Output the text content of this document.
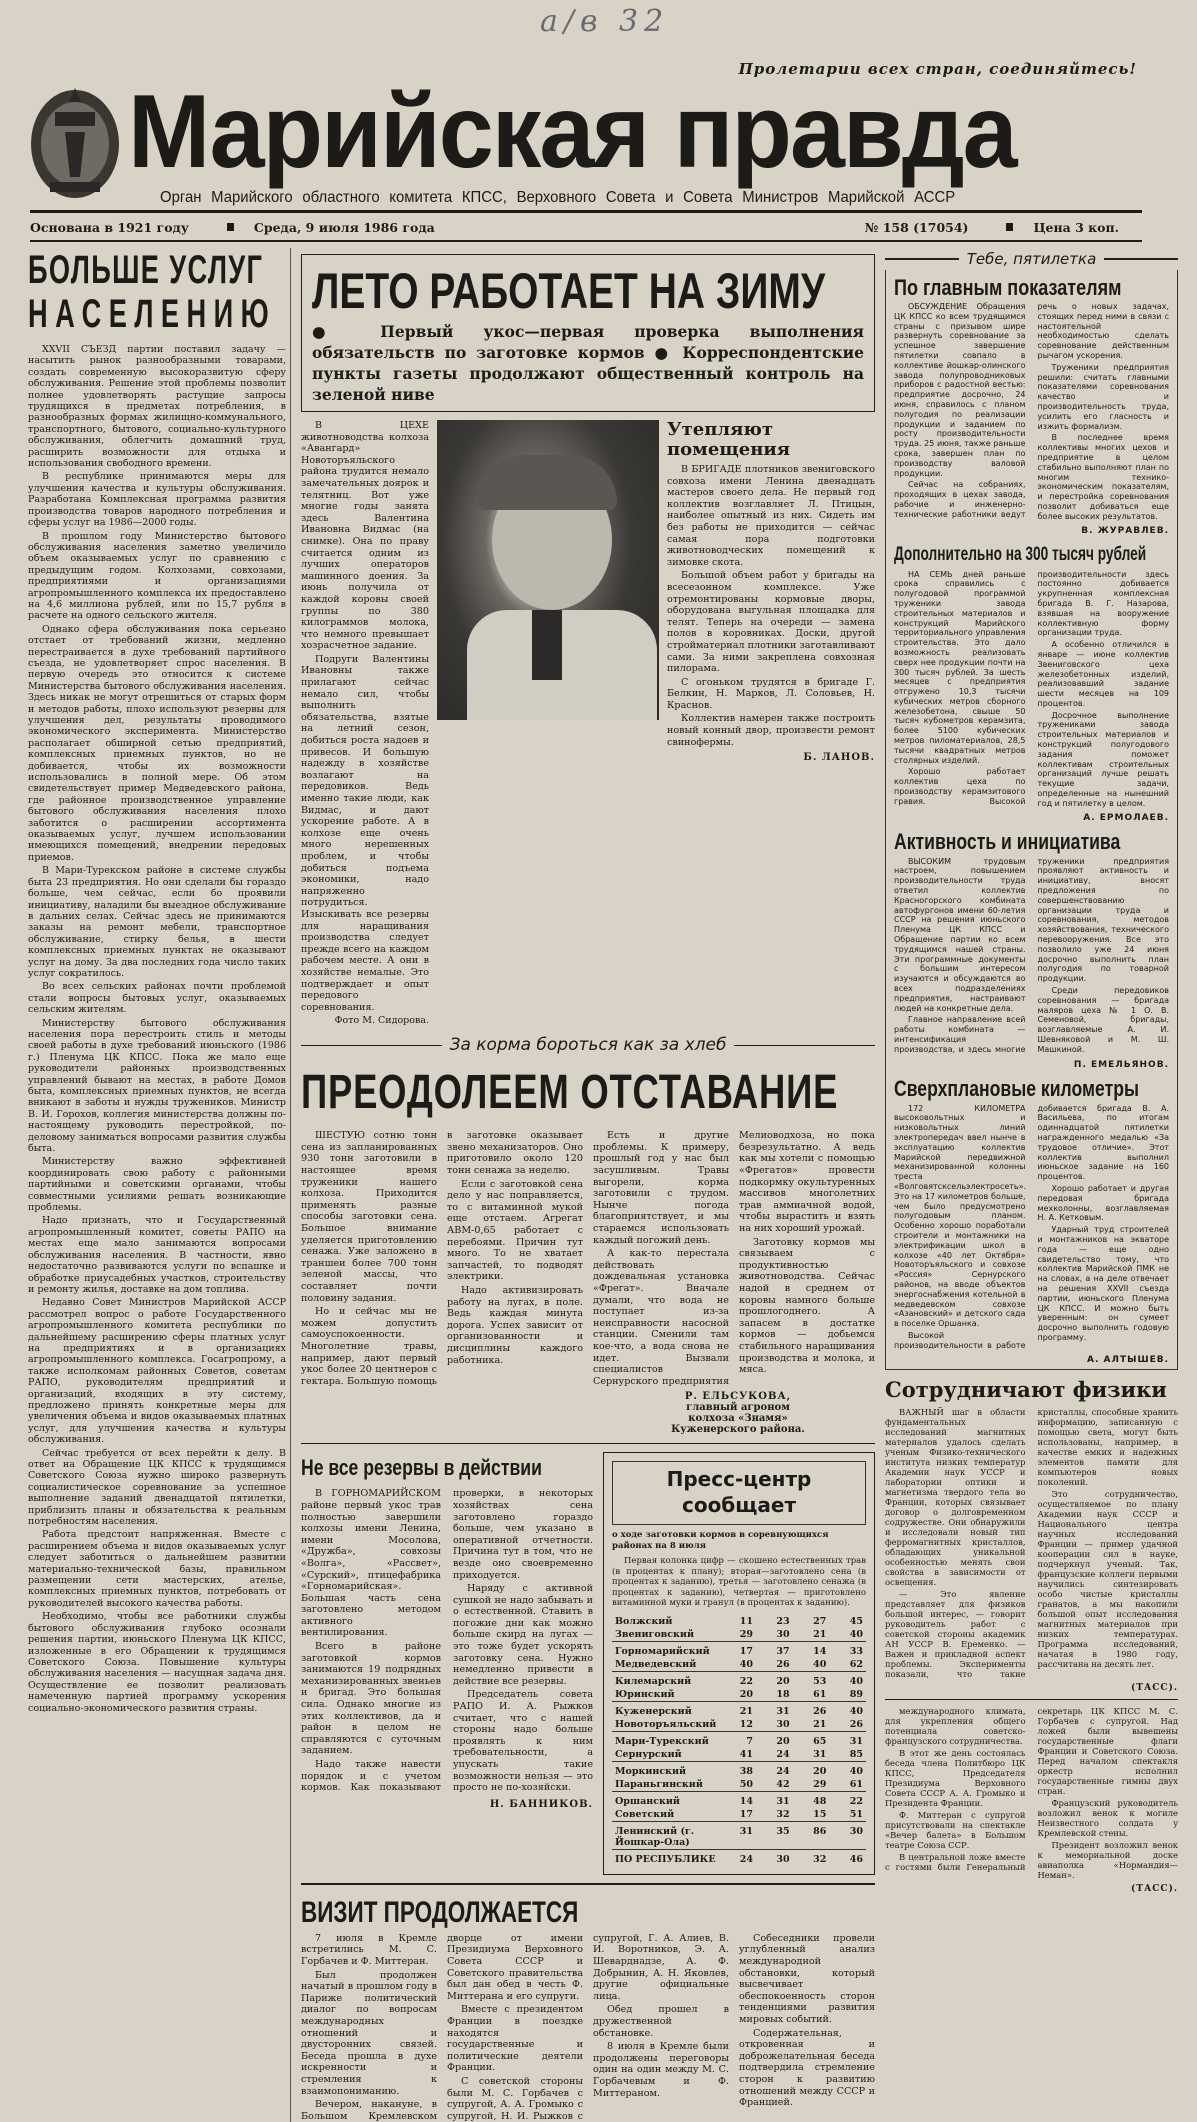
а/в 32
Пролетарии всех стран, соединяйтесь!
Марийская правда
Орган Марийского областного комитета КПСС, Верховного Совета и Совета Министров Марийской АССР
Основана в 1921 году	Среда, 9 июля 1986 года	№ 158 (17054)	Цена 3 коп.
БОЛЬШЕ УСЛУГ
НАСЕЛЕНИЮ

XXVII СЪЕЗД партии поставил задачу — насытить рынок разнообразными товарами, создать современную высокоразвитую сферу обслуживания. Решение этой проблемы позволит полнее удовлетворять растущие запросы трудящихся в предметах потребления, в разнообразных формах жилищно-коммунального, транспортного, бытового, социально-культурного обслуживания, облегчить домашний труд, расширить возможности для отдыха и использования свободного времени.

В республике принимаются меры для улучшения качества и культуры обслуживания. Разработана Комплексная программа развития производства товаров народного потребления и сферы услуг на 1986—2000 годы.

В прошлом году Министерство бытового обслуживания населения заметно увеличило объем оказываемых услуг по сравнению с предыдущим годом. Колхозами, совхозами, предприятиями и организациями агропромышленного комплекса их предоставлено на 4,6 миллиона рублей, или по 15,7 рубля в расчете на одного сельского жителя.

Однако сфера обслуживания пока серьезно отстает от требований жизни, медленно перестраивается в духе требований партийного съезда, не удовлетворяет спрос населения. В первую очередь это относится к системе Министерства бытового обслуживания населения. Здесь никак не могут отрешиться от старых форм и методов работы, плохо используют резервы для улучшения дел, результаты проводимого экономического эксперимента. Министерство располагает обширной сетью предприятий, комплексных приемных пунктов, но не добивается, чтобы их возможности использовались в полной мере. Об этом свидетельствует пример Медведевского района, где районное производственное управление бытового обслуживания населения плохо заботится о расширении ассортимента оказываемых услуг, лучшем использовании имеющихся помещений, внедрении передовых приемов.

В Мари-Турекском районе в системе службы быта 23 предприятия. Но они сделали бы гораздо больше, чем сейчас, если бо проявили инициативу, наладили бы выездное обслуживание в дальних селах. Сейчас здесь не принимаются заказы на ремонт мебели, транспортное обслуживание, стирку белья, в шести комплексных приемных пунктах не оказывают услуг на дому. За два последних года число таких услуг сократилось.

Во всех сельских районах почти проблемой стали вопросы бытовых услуг, оказываемых сельским жителям.

Министерству бытового обслуживания населения пора перестроить стиль и методы своей работы в духе требований июньского (1986 г.) Пленума ЦК КПСС. Пока же мало еще руководители районных производственных управлений бывают на местах, в работе Домов быта, комплексных приемных пунктов, не всегда вникают в заботы и нужды тружеников. Министр В. И. Горохов, коллегия министерства должны по-настоящему руководить перестройкой, по-деловому заниматься вопросами развития службы быта.

Министерству важно эффективней координировать свою работу с районными партийными и советскими органами, чтобы совместными усилиями решать возникающие проблемы.

Надо признать, что и Государственный агропромышленный комитет, советы РАПО на местах еще мало занимаются вопросами обслуживания населения. В частности, явно недостаточно развиваются услуги по вспашке и обработке приусадебных участков, строительству и ремонту жилья, доставке на дом топлива.

Недавно Совет Министров Марийской АССР рассмотрел вопрос о работе Государственного агропромышленного комитета республики по дальнейшему расширению сферы платных услуг на предприятиях и в организациях агропромышленного комплекса. Госагропрому, а также исполкомам районных Советов, советам РАПО, руководителям предприятий и организаций, входящих в эту систему, предложено принять конкретные меры для увеличения объема и видов оказываемых платных услуг, для улучшения качества и культуры обслуживания.

Сейчас требуется от всех перейти к делу. В ответ на Обращение ЦК КПСС к трудящимся Советского Союза нужно широко развернуть социалистическое соревнование за успешное выполнение заданий двенадцатой пятилетки, приблизить планы и обязательства к реальным потребностям населения.

Работа предстоит напряженная. Вместе с расширением объема и видов оказываемых услуг следует заботиться о дальнейшем развитии материально-технической базы, правильном размещении сети мастерских, ателье, комплексных приемных пунктов, потребовать от руководителей высокого качества работы.

Необходимо, чтобы все работники службы бытового обслуживания глубоко осознали решения партии, июньского Пленума ЦК КПСС, изложенные в его Обращении к трудящимся Советского Союза. Повышение культуры обслуживания населения — насущная задача дня. Осуществление ее позволит реализовать намеченную партией программу ускорения социально-экономического развития страны.

ЛЕТО РАБОТАЕТ НА ЗИМУ
● Первый укос—первая проверка выполнения обязательств по заготовке кормов ● Корреспондентские пункты газеты продолжают общественный контроль на зеленой ниве

В ЦЕХЕ животноводства колхоза «Авангард» Новоторъяльского района трудится немало замечательных доярок и телятниц. Вот уже многие годы занята здесь Валентина Ивановна Видмас (на снимке). Она по праву считается одним из лучших операторов машинного доения. За июнь получила от каждой коровы своей группы по 380 килограммов молока, что немного превышает хозрасчетное задание.

Подруги Валентины Ивановны также прилагают сейчас немало сил, чтобы выполнить обязательства, взятые на летний сезон, добиться роста надоев и привесов. И большую надежду в хозяйстве возлагают на передовиков. Ведь именно такие люди, как Видмас, и дают ускорение работе. А в колхозе еще очень много нерешенных проблем, и чтобы добиться подъема экономики, надо напряженно потрудиться. Изыскивать все резервы для наращивания производства следует прежде всего на каждом рабочем месте. А они в хозяйстве немалые. Это подтверждает и опыт передового соревнования.

Фото М. Сидорова.
Утепляют помещения

В БРИГАДЕ плотников звениговского совхоза имени Ленина двенадцать мастеров своего дела. Не первый год коллектив возглавляет Л. Птицын, наиболее опытный из них. Сидеть им без работы не приходится — сейчас самая пора подготовки животноводческих помещений к зимовке скота.

Большой объем работ у бригады на всесезонном комплексе. Уже отремонтированы кормовые дворы, оборудована выгульная площадка для телят. Теперь на очереди — замена полов в коровниках. Доски, другой стройматериал плотники заготавливают сами. За ними закреплена совхозная пилорама.

С огоньком трудятся в бригаде Г. Белкин, Н. Марков, Л. Соловьев, Н. Краснов.

Коллектив намерен также построить новый конный двор, произвести ремонт свинофермы.

Б. ЛАНОВ.
За корма бороться как за хлеб
ПРЕОДОЛЕЕМ ОТСТАВАНИЕ

ШЕСТУЮ сотню тонн сена из запланированных 930 тонн заготовили в настоящее время труженики нашего колхоза. Приходится применять разные способы заготовки сена. Большое внимание уделяется приготовлению сенажа. Уже заложено в траншеи более 700 тонн зеленой массы, что составляет почти половину задания.

Но и сейчас мы не можем допустить самоуспокоенности. Многолетние травы, например, дают первый укос более 20 центнеров с гектара. Большую помощь в заготовке оказывает звено механизаторов. Оно приготовило около 120 тонн сенажа за неделю.

Если с заготовкой сена дело у нас поправляется, то с витаминной мукой еще отстаем. Агрегат АВМ-0,65 работает с перебоями. Причин тут много. То не хватает запчастей, то подводят электрики.

Надо активизировать работу на лугах, в поле. Ведь каждая минута дорога. Успех зависит от организованности и дисциплины каждого работника.

Есть и другие проблемы. К примеру, прошлый год у нас был засушливым. Травы выгорели, корма заготовили с трудом. Нынче погода благоприятствует, и мы стараемся использовать каждый погожий день.

А как-то перестала действовать дождевальная установка «Фрегат». Вначале думали, что вода не поступает из-за неисправности насосной станции. Сменили там кое-что, а вода снова не идет. Вызвали специалистов Сернурского предприятия Мелиоводхоза, но пока безрезультатно. А ведь как мы хотели с помощью «Фрегатов» провести подкормку окультуренных массивов многолетних трав аммиачной водой, чтобы вырастить и взять на них хороший урожай.

Заготовку кормов мы связываем с продуктивностью животноводства. Сейчас надой в среднем от коровы намного больше прошлогоднего. А запасем в достатке кормов — добьемся стабильного наращивания производства и молока, и мяса.

Р. ЕЛЬСУКОВА,
главный агроном колхоза «Знамя» Куженерского района.
Не все резервы в действии

В ГОРНОМАРИЙСКОМ районе первый укос трав полностью завершили колхозы имени Ленина, имени Мосолова, «Дружба», совхозы «Волга», «Рассвет», «Сурский», птицефабрика «Горномарийская». Большая часть сена заготовлено методом активного вентилирования.

Всего в районе заготовкой кормов занимаются 19 подрядных механизированных звеньев и бригад. Это большая сила. Однако многие из этих коллективов, да и район в целом не справляются с суточным заданием.

Надо также навести порядок и с учетом кормов. Как показывают проверки, в некоторых хозяйствах сена заготовлено гораздо больше, чем указано в оперативной отчетности. Причина тут в том, что не везде оно своевременно приходуется.

Наряду с активной сушкой не надо забывать и о естественной. Ставить в погожие дни как можно больше скирд на лугах — это тоже будет ускорять заготовку сена. Нужно немедленно привести в действие все резервы.

Председатель совета РАПО И. А. Рыжков считает, что с нашей стороны надо больше проявлять к ним требовательности, а упускать такие возможности нельзя — это просто не по-хозяйски.

Н. БАННИКОВ.
Пресс-центр сообщает
о ходе заготовки кормов в соревнующихся районах на 8 июля
Первая колонка цифр — скошено естественных трав (в процентах к плану); вторая—заготовлено сена (в процентах к заданию), третья — заготовлено сенажа (в процентах к заданию), четвертая — приготовлено витаминной муки и гранул (в процентах к заданию).
Волжский	11	23	27	45
Звениговский	29	30	21	40
Горномарийский	17	37	14	33
Медведевский	40	26	40	62
Килемарский	22	20	53	40
Юринский	20	18	61	89
Куженерский	21	31	26	40
Новоторъяльский	12	30	21	26
Мари-Турекский	7	20	65	31
Сернурский	41	24	31	85
Моркинский	38	24	20	40
Параньгинский	50	42	29	61
Оршанский	14	31	48	22
Советский	17	32	15	51
Ленинский (г. Йошкар-Ола)	31	35	86	30
ПО РЕСПУБЛИКЕ	24	30	32	46
ВИЗИТ ПРОДОЛЖАЕТСЯ

7 июля в Кремле встретились М. С. Горбачев и Ф. Миттеран.

Был продолжен начатый в прошлом году в Париже политический диалог по вопросам международных отношений и двусторонних связей. Беседа прошла в духе искренности и стремления к взаимопониманию.

Вечером, накануне, в Большом Кремлевском дворце от имени Президиума Верховного Совета СССР и Советского правительства был дан обед в честь Ф. Миттерана и его супруги.

Вместе с президентом Франции в поездке находятся государственные и политические деятели Франции.

С советской стороны были М. С. Горбачев с супругой, А. А. Громыко с супругой, Н. И. Рыжков с супругой, Г. А. Алиев, В. И. Воротников, Э. А. Шеварднадзе, А. Ф. Добрынин, А. Н. Яковлев, другие официальные лица.

Обед прошел в дружественной обстановке.

8 июля в Кремле были продолжены переговоры один на один между М. С. Горбачевым и Ф. Миттераном.

Собеседники провели углубленный анализ международной обстановки, который высвечивает обеспокоенность сторон тенденциями развития мировых событий.

Содержательная, откровенная и доброжелательная беседа подтвердила стремление сторон к развитию отношений между СССР и Францией.

Тебе, пятилетка
По главным показателям

ОБСУЖДЕНИЕ Обращения ЦК КПСС ко всем трудящимся страны с призывом шире развернуть соревнование за успешное завершение пятилетки совпало в коллективе йошкар-олинского завода полупроводниковых приборов с радостной вестью: предприятие досрочно, 24 июня, справилось с планом полугодия по реализации продукции и заданием по росту производительности труда. 25 июня, также раньше срока, завершен план по производству валовой продукции.

Сейчас на собраниях, проходящих в цехах завода, рабочие и инженерно-технические работники ведут речь о новых задачах, стоящих перед ними в связи с настоятельной необходимостью сделать соревнование действенным рычагом ускорения.

Труженики предприятия решили: считать главными показателями соревнования качество и производительность труда, усилить его гласность и изжить формализм.

В последнее время коллективы многих цехов и предприятие в целом стабильно выполняют план по многим технико-экономическим показателям, и перестройка соревнования позволит добиваться еще более высоких результатов.

В. ЖУРАВЛЕВ.
Дополнительно на 300 тысяч рублей

НА СЕМЬ дней раньше срока справились с полугодовой программой труженики завода строительных материалов и конструкций Марийского территориального управления строительства. Это дало возможность реализовать сверх нее продукции почти на 300 тысяч рублей. За шесть месяцев с предприятия отгружено 10,3 тысячи кубических метров сборного железобетона, свыше 50 тысяч кубометров керамзита, более 5100 кубических метров пиломатериалов, 28,5 тысячи квадратных метров столярных изделий.

Хорошо работает коллектив цеха по производству керамзитового гравия. Высокой производительности здесь постоянно добивается укрупненная комплексная бригада В. Г. Назарова, взявшая на вооружение коллективную форму организации труда.

А особенно отличился в январе — июне коллектив Звениговского цеха железобетонных изделий, реализовавший задание шести месяцев на 109 процентов.

Досрочное выполнение тружениками завода строительных материалов и конструкций полугодового задания поможет коллективам строительных организаций лучше решать текущие задачи, определенные на нынешний год и пятилетку в целом.

А. ЕРМОЛАЕВ.
Активность и инициатива

ВЫСОКИМ трудовым настроем, повышением производительности труда ответил коллектив Красногорского комбината автофургонов имени 60-летия СССР на решения июньского Пленума ЦК КПСС и Обращение партии ко всем трудящимся нашей страны. Эти программные документы с большим интересом изучаются и обсуждаются во всех подразделениях предприятия, настраивают людей на конкретные дела.

Главное направление всей работы комбината — интенсификация производства, и здесь многие труженики предприятия проявляют активность и инициативу, вносят предложения по совершенствованию организации труда и соревнования, методов хозяйствования, технического перевооружения. Все это позволило уже 24 июня досрочно выполнить план полугодия по товарной продукции.

Среди передовиков соревнования — бригада маляров цеха № 1 О. В. Семеновой, бригады, возглавляемые А. И. Шевняковой и М. Ш. Машкиной.

П. ЕМЕЛЬЯНОВ.
Сверхплановые километры

172 КИЛОМЕТРА высоковольтных и низковольтных линий электропередач ввел нынче в эксплуатацию коллектив Марийской передвижной механизированной колонны треста «Волговятсксельэлектросеть». Это на 17 километров больше, чем было предусмотрено полугодовым планом. Особенно хорошо поработали строители и монтажники на электрификации школ в колхозе «40 лет Октября» Новоторъяльского и совхозе «Россия» Сернурского районов, на вводе объектов энергоснабжения котельной в медведевском совхозе «Азановский» и детского сада в поселке Оршанка.

Высокой производительности в работе добивается бригада В. А. Васильева, по итогам одиннадцатой пятилетки награжденного медалью «За трудовое отличие». Этот коллектив выполнил июньское задание на 160 процентов.

Хорошо работает и другая передовая бригада мехколонны, возглавляемая Н. А. Кетковым.

Ударный труд строителей и монтажников на экваторе года — еще одно свидетельство тому, что коллектив Марийской ПМК не на словах, а на деле отвечает на решения XXVII съезда партии, июньского Пленума ЦК КПСС. И можно быть уверенным: он сумеет досрочно выполнить годовую программу.

А. АЛТЫШЕВ.
Сотрудничают физики

ВАЖНЫЙ шаг в области фундаментальных исследований магнитных материалов удалось сделать ученым Физико-технического института низких температур Академии наук УССР и лаборатории оптики и магнетизма твердого тела во Франции, которых связывает договор о долговременном содружестве. Они обнаружили и исследовали новый тип ферромагнитных кристаллов, обладающих уникальной особенностью менять свои свойства в зависимости от освещения.

— Это явление представляет для физиков большой интерес, — говорит руководитель работ с советской стороны академик АН УССР В. Еременко. — Важен и прикладной аспект проблемы. Эксперименты показали, что такие кристаллы, способные хранить информацию, записанную с помощью света, могут быть использованы, например, в качестве емких и надежных элементов памяти для компьютеров новых поколений.

Это сотрудничество, осуществляемое по плану Академии наук СССР и Национального центра научных исследований Франции — пример удачной кооперации сил в науке, подчеркнул ученый. Так, французские коллеги первыми научились синтезировать особо чистые кристаллы гранатов, а мы накопили большой опыт исследования магнитных материалов при низких температурах. Программа исследований, начатая в 1980 году, рассчитана на десять лет.

(ТАСС).

международного климата, для укрепления общего потенциала советско-французского сотрудничества.

В этот же день состоялась беседа члена Политбюро ЦК КПСС, Председателя Президиума Верховного Совета СССР А. А. Громыко и Президента Франции.

Ф. Миттеран с супругой присутствовали на спектакле «Вечер балета» в Большом театре Союза ССР.

В центральной ложе вместе с гостями были Генеральный секретарь ЦК КПСС М. С. Горбачев с супругой. Над ложей были вывешены государственные флаги Франции и Советского Союза. Перед началом спектакля оркестр исполнил государственные гимны двух стран.

Французский руководитель возложил венок к могиле Неизвестного солдата у Кремлевской стены.

Президент возложил венок к мемориальной доске авиаполка «Нормандия—Неман».

(ТАСС).
